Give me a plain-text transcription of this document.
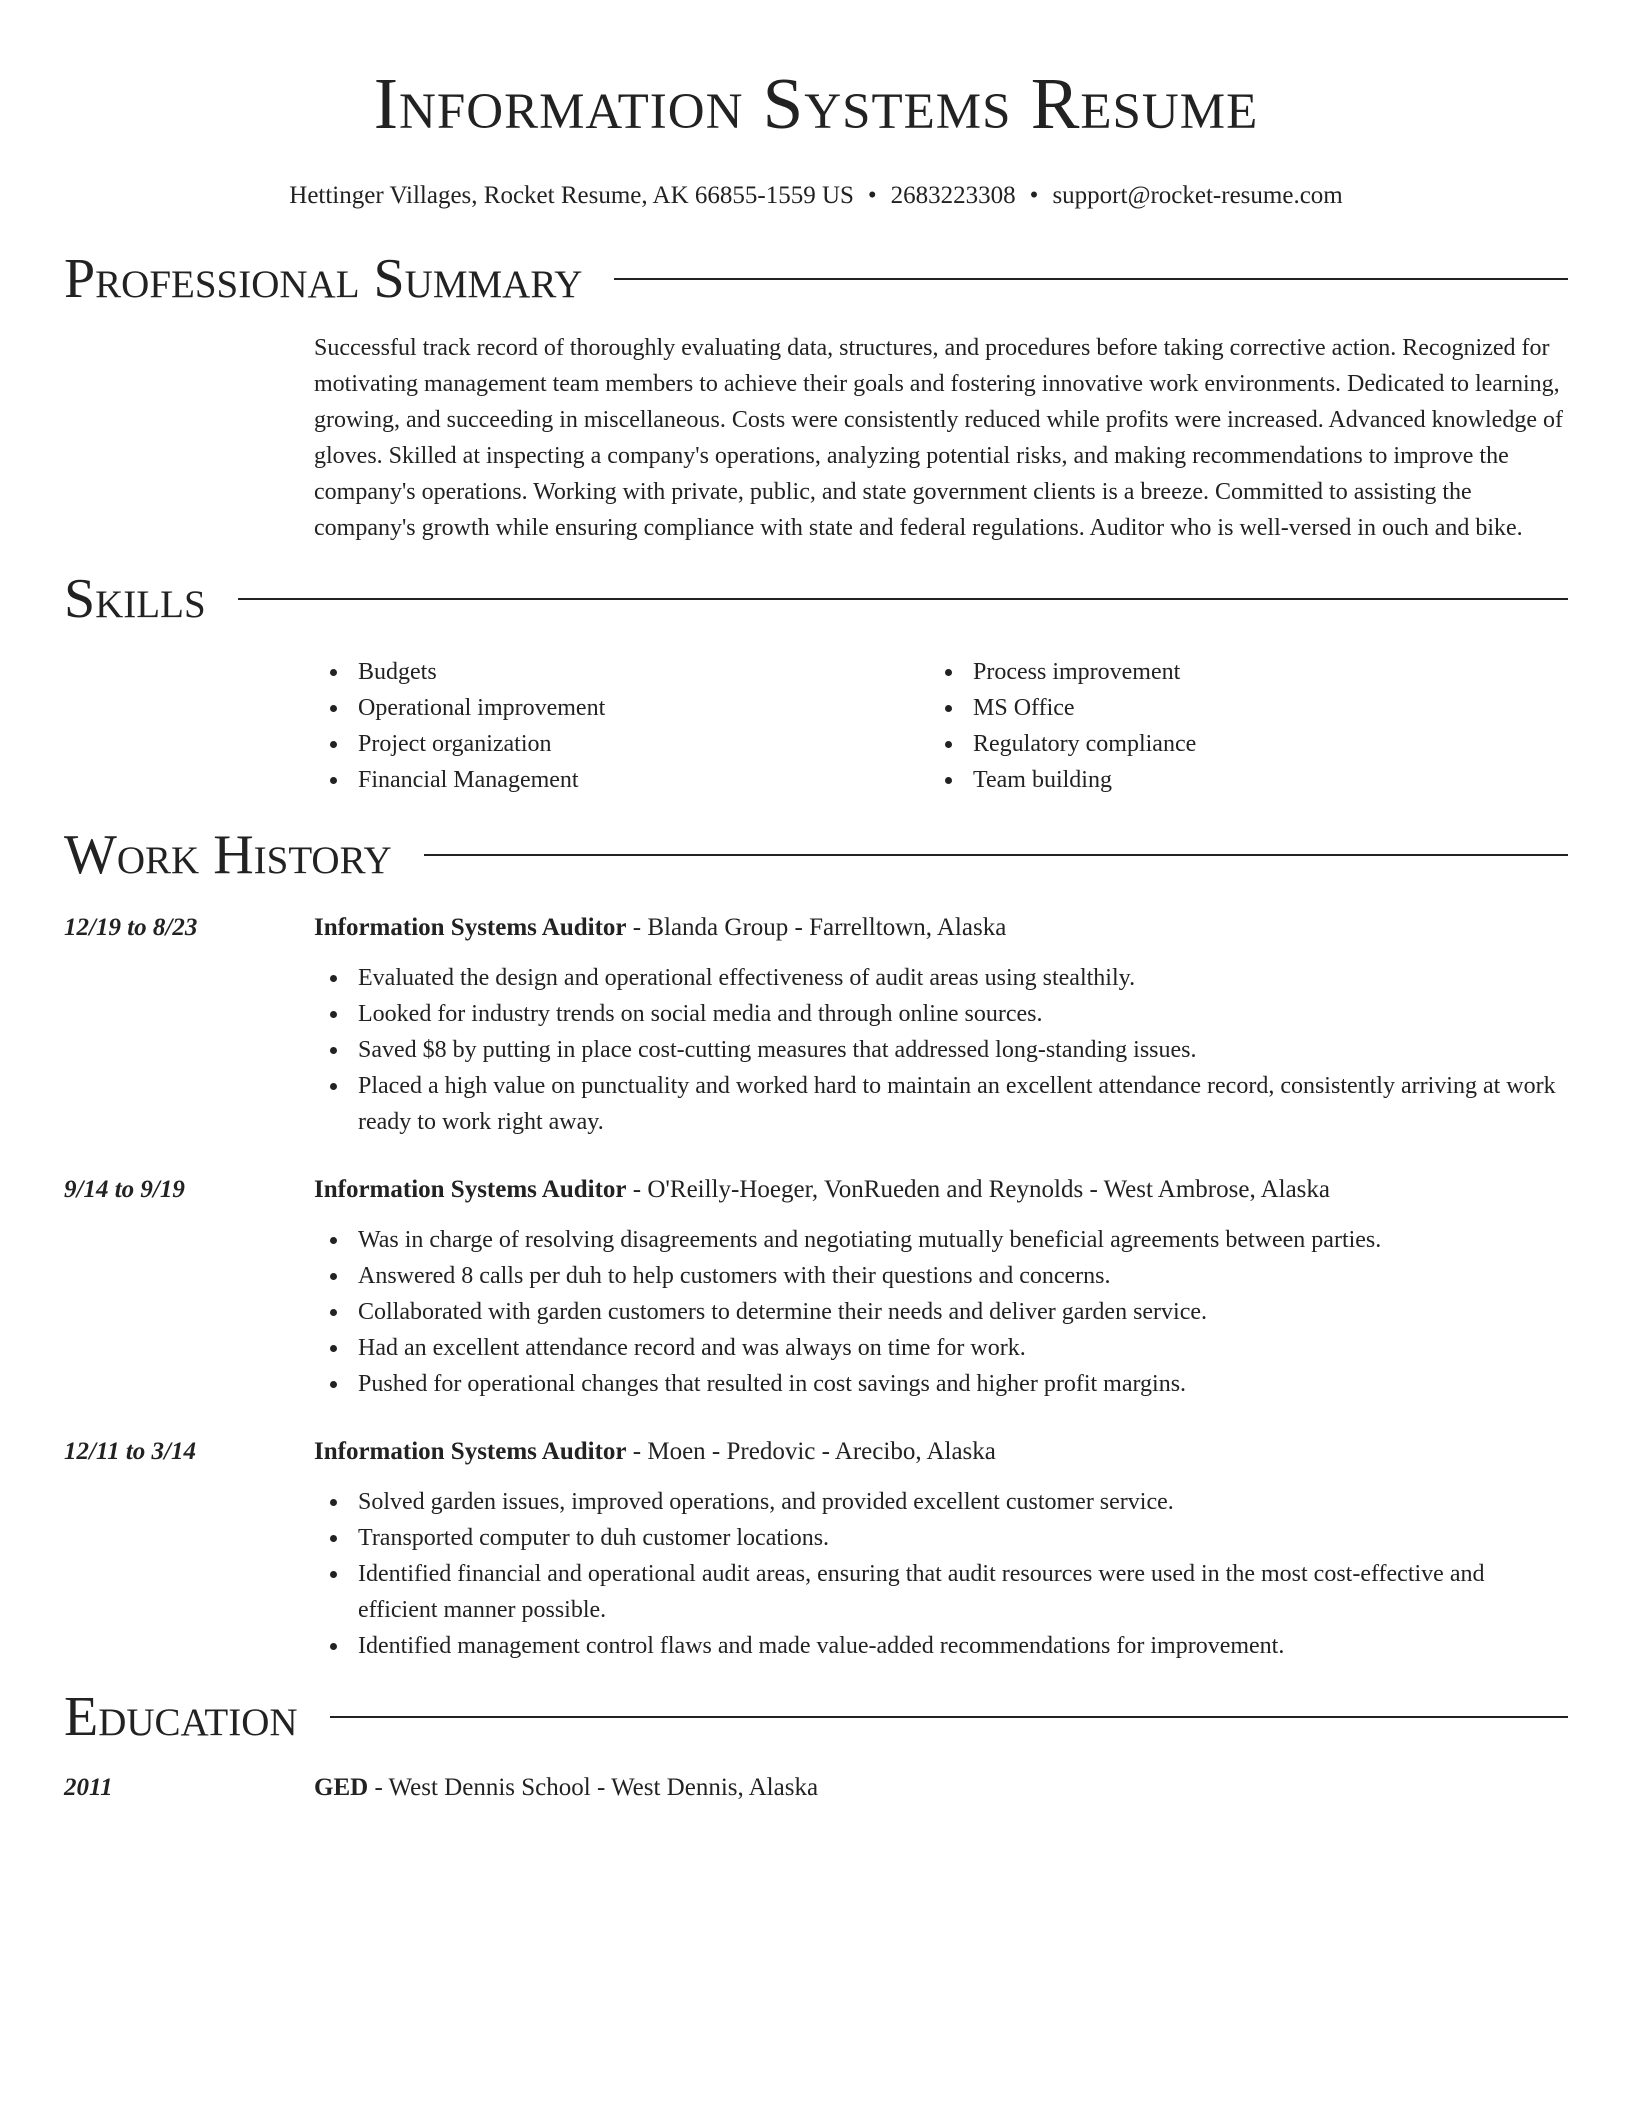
Information Systems Resume
Hettinger Villages, Rocket Resume, AK 66855-1559 US • 2683223308 • support@rocket-resume.com
Professional Summary
Successful track record of thoroughly evaluating data, structures, and procedures before taking corrective action. Recognized for motivating management team members to achieve their goals and fostering innovative work environments. Dedicated to learning, growing, and succeeding in miscellaneous. Costs were consistently reduced while profits were increased. Advanced knowledge of gloves. Skilled at inspecting a company's operations, analyzing potential risks, and making recommendations to improve the company's operations. Working with private, public, and state government clients is a breeze. Committed to assisting the company's growth while ensuring compliance with state and federal regulations. Auditor who is well-versed in ouch and bike.
Skills
Budgets
Operational improvement
Project organization
Financial Management
Process improvement
MS Office
Regulatory compliance
Team building
Work History
12/19 to 8/23	Information Systems Auditor - Blanda Group - Farrelltown, Alaska
Evaluated the design and operational effectiveness of audit areas using stealthily.
Looked for industry trends on social media and through online sources.
Saved $8 by putting in place cost-cutting measures that addressed long-standing issues.
Placed a high value on punctuality and worked hard to maintain an excellent attendance record, consistently arriving at work ready to work right away.
9/14 to 9/19	Information Systems Auditor - O'Reilly-Hoeger, VonRueden and Reynolds - West Ambrose, Alaska
Was in charge of resolving disagreements and negotiating mutually beneficial agreements between parties.
Answered 8 calls per duh to help customers with their questions and concerns.
Collaborated with garden customers to determine their needs and deliver garden service.
Had an excellent attendance record and was always on time for work.
Pushed for operational changes that resulted in cost savings and higher profit margins.
12/11 to 3/14	Information Systems Auditor - Moen - Predovic - Arecibo, Alaska
Solved garden issues, improved operations, and provided excellent customer service.
Transported computer to duh customer locations.
Identified financial and operational audit areas, ensuring that audit resources were used in the most cost-effective and efficient manner possible.
Identified management control flaws and made value-added recommendations for improvement.
Education
2011	GED - West Dennis School - West Dennis, Alaska
